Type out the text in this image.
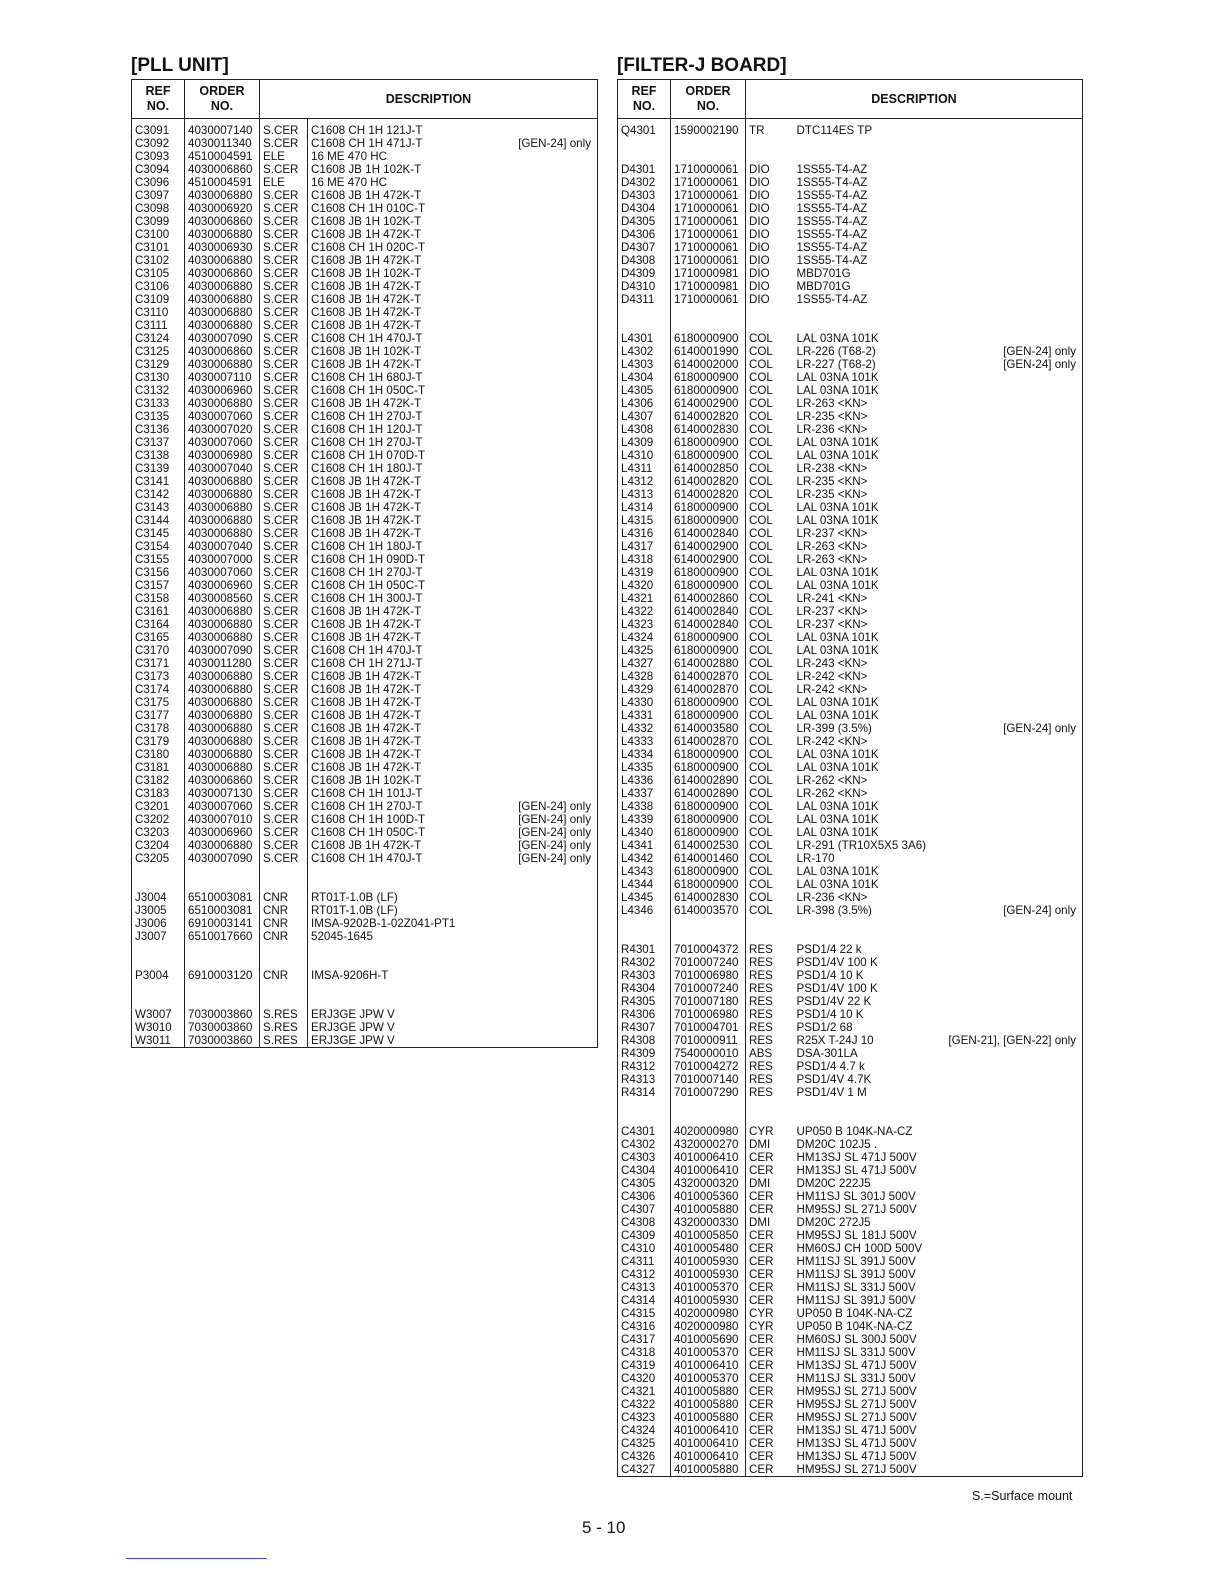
[PLL UNIT]
REF
NO.	ORDER
NO.	DESCRIPTION		
C3091	4030007140	S.CER	C1608 CH 1H 121J-T	
C3092	4030011340	S.CER	C1608 CH 1H 471J-T	[GEN-24] only
C3093	4510004591	ELE	16 ME 470 HC	
C3094	4030006860	S.CER	C1608 JB 1H 102K-T	
C3096	4510004591	ELE	16 ME 470 HC	
C3097	4030006880	S.CER	C1608 JB 1H 472K-T	
C3098	4030006920	S.CER	C1608 CH 1H 010C-T	
C3099	4030006860	S.CER	C1608 JB 1H 102K-T	
C3100	4030006880	S.CER	C1608 JB 1H 472K-T	
C3101	4030006930	S.CER	C1608 CH 1H 020C-T	
C3102	4030006880	S.CER	C1608 JB 1H 472K-T	
C3105	4030006860	S.CER	C1608 JB 1H 102K-T	
C3106	4030006880	S.CER	C1608 JB 1H 472K-T	
C3109	4030006880	S.CER	C1608 JB 1H 472K-T	
C3110	4030006880	S.CER	C1608 JB 1H 472K-T	
C3111	4030006880	S.CER	C1608 JB 1H 472K-T	
C3124	4030007090	S.CER	C1608 CH 1H 470J-T	
C3125	4030006860	S.CER	C1608 JB 1H 102K-T	
C3129	4030006880	S.CER	C1608 JB 1H 472K-T	
C3130	4030007110	S.CER	C1608 CH 1H 680J-T	
C3132	4030006960	S.CER	C1608 CH 1H 050C-T	
C3133	4030006880	S.CER	C1608 JB 1H 472K-T	
C3135	4030007060	S.CER	C1608 CH 1H 270J-T	
C3136	4030007020	S.CER	C1608 CH 1H 120J-T	
C3137	4030007060	S.CER	C1608 CH 1H 270J-T	
C3138	4030006980	S.CER	C1608 CH 1H 070D-T	
C3139	4030007040	S.CER	C1608 CH 1H 180J-T	
C3141	4030006880	S.CER	C1608 JB 1H 472K-T	
C3142	4030006880	S.CER	C1608 JB 1H 472K-T	
C3143	4030006880	S.CER	C1608 JB 1H 472K-T	
C3144	4030006880	S.CER	C1608 JB 1H 472K-T	
C3145	4030006880	S.CER	C1608 JB 1H 472K-T	
C3154	4030007040	S.CER	C1608 CH 1H 180J-T	
C3155	4030007000	S.CER	C1608 CH 1H 090D-T	
C3156	4030007060	S.CER	C1608 CH 1H 270J-T	
C3157	4030006960	S.CER	C1608 CH 1H 050C-T	
C3158	4030008560	S.CER	C1608 CH 1H 300J-T	
C3161	4030006880	S.CER	C1608 JB 1H 472K-T	
C3164	4030006880	S.CER	C1608 JB 1H 472K-T	
C3165	4030006880	S.CER	C1608 JB 1H 472K-T	
C3170	4030007090	S.CER	C1608 CH 1H 470J-T	
C3171	4030011280	S.CER	C1608 CH 1H 271J-T	
C3173	4030006880	S.CER	C1608 JB 1H 472K-T	
C3174	4030006880	S.CER	C1608 JB 1H 472K-T	
C3175	4030006880	S.CER	C1608 JB 1H 472K-T	
C3177	4030006880	S.CER	C1608 JB 1H 472K-T	
C3178	4030006880	S.CER	C1608 JB 1H 472K-T	
C3179	4030006880	S.CER	C1608 JB 1H 472K-T	
C3180	4030006880	S.CER	C1608 JB 1H 472K-T	
C3181	4030006880	S.CER	C1608 JB 1H 472K-T	
C3182	4030006860	S.CER	C1608 JB 1H 102K-T	
C3183	4030007130	S.CER	C1608 CH 1H 101J-T	
C3201	4030007060	S.CER	C1608 CH 1H 270J-T	[GEN-24] only
C3202	4030007010	S.CER	C1608 CH 1H 100D-T	[GEN-24] only
C3203	4030006960	S.CER	C1608 CH 1H 050C-T	[GEN-24] only
C3204	4030006880	S.CER	C1608 JB 1H 472K-T	[GEN-24] only
C3205	4030007090	S.CER	C1608 CH 1H 470J-T	[GEN-24] only

J3004	6510003081	CNR	RT01T-1.0B (LF)	
J3005	6510003081	CNR	RT01T-1.0B (LF)	
J3006	6910003141	CNR	IMSA-9202B-1-02Z041-PT1	
J3007	6510017660	CNR	52045-1645	

P3004	6910003120	CNR	IMSA-9206H-T	

W3007	7030003860	S.RES	ERJ3GE JPW V	
W3010	7030003860	S.RES	ERJ3GE JPW V	
W3011	7030003860	S.RES	ERJ3GE JPW V	
[FILTER-J BOARD]
REF
NO.	ORDER
NO.	DESCRIPTION		
Q4301	1590002190	TR	DTC114ES TP	

D4301	1710000061	DIO	1SS55-T4-AZ	
D4302	1710000061	DIO	1SS55-T4-AZ	
D4303	1710000061	DIO	1SS55-T4-AZ	
D4304	1710000061	DIO	1SS55-T4-AZ	
D4305	1710000061	DIO	1SS55-T4-AZ	
D4306	1710000061	DIO	1SS55-T4-AZ	
D4307	1710000061	DIO	1SS55-T4-AZ	
D4308	1710000061	DIO	1SS55-T4-AZ	
D4309	1710000981	DIO	MBD701G	
D4310	1710000981	DIO	MBD701G	
D4311	1710000061	DIO	1SS55-T4-AZ	

L4301	6180000900	COL	LAL 03NA 101K	
L4302	6140001990	COL	LR-226 (T68-2)	[GEN-24] only
L4303	6140002000	COL	LR-227 (T68-2)	[GEN-24] only
L4304	6180000900	COL	LAL 03NA 101K	
L4305	6180000900	COL	LAL 03NA 101K	
L4306	6140002900	COL	LR-263 <KN>	
L4307	6140002820	COL	LR-235 <KN>	
L4308	6140002830	COL	LR-236 <KN>	
L4309	6180000900	COL	LAL 03NA 101K	
L4310	6180000900	COL	LAL 03NA 101K	
L4311	6140002850	COL	LR-238 <KN>	
L4312	6140002820	COL	LR-235 <KN>	
L4313	6140002820	COL	LR-235 <KN>	
L4314	6180000900	COL	LAL 03NA 101K	
L4315	6180000900	COL	LAL 03NA 101K	
L4316	6140002840	COL	LR-237 <KN>	
L4317	6140002900	COL	LR-263 <KN>	
L4318	6140002900	COL	LR-263 <KN>	
L4319	6180000900	COL	LAL 03NA 101K	
L4320	6180000900	COL	LAL 03NA 101K	
L4321	6140002860	COL	LR-241 <KN>	
L4322	6140002840	COL	LR-237 <KN>	
L4323	6140002840	COL	LR-237 <KN>	
L4324	6180000900	COL	LAL 03NA 101K	
L4325	6180000900	COL	LAL 03NA 101K	
L4327	6140002880	COL	LR-243 <KN>	
L4328	6140002870	COL	LR-242 <KN>	
L4329	6140002870	COL	LR-242 <KN>	
L4330	6180000900	COL	LAL 03NA 101K	
L4331	6180000900	COL	LAL 03NA 101K	
L4332	6140003580	COL	LR-399 (3.5%)	[GEN-24] only
L4333	6140002870	COL	LR-242 <KN>	
L4334	6180000900	COL	LAL 03NA 101K	
L4335	6180000900	COL	LAL 03NA 101K	
L4336	6140002890	COL	LR-262 <KN>	
L4337	6140002890	COL	LR-262 <KN>	
L4338	6180000900	COL	LAL 03NA 101K	
L4339	6180000900	COL	LAL 03NA 101K	
L4340	6180000900	COL	LAL 03NA 101K	
L4341	6140002530	COL	LR-291 (TR10X5X5 3A6)	
L4342	6140001460	COL	LR-170	
L4343	6180000900	COL	LAL 03NA 101K	
L4344	6180000900	COL	LAL 03NA 101K	
L4345	6140002830	COL	LR-236 <KN>	
L4346	6140003570	COL	LR-398 (3.5%)	[GEN-24] only

R4301	7010004372	RES	PSD1/4 22 k	
R4302	7010007240	RES	PSD1/4V 100 K	
R4303	7010006980	RES	PSD1/4 10 K	
R4304	7010007240	RES	PSD1/4V 100 K	
R4305	7010007180	RES	PSD1/4V 22 K	
R4306	7010006980	RES	PSD1/4 10 K	
R4307	7010004701	RES	PSD1/2 68	
R4308	7010000911	RES	R25X T-24J 10	[GEN-21], [GEN-22] only
R4309	7540000010	ABS	DSA-301LA	
R4312	7010004272	RES	PSD1/4 4.7 k	
R4313	7010007140	RES	PSD1/4V 4.7K	
R4314	7010007290	RES	PSD1/4V 1 M	

C4301	4020000980	CYR	UP050 B 104K-NA-CZ	
C4302	4320000270	DMI	DM20C 102J5 .	
C4303	4010006410	CER	HM13SJ SL 471J 500V	
C4304	4010006410	CER	HM13SJ SL 471J 500V	
C4305	4320000320	DMI	DM20C 222J5	
C4306	4010005360	CER	HM11SJ SL 301J 500V	
C4307	4010005880	CER	HM95SJ SL 271J 500V	
C4308	4320000330	DMI	DM20C 272J5	
C4309	4010005850	CER	HM95SJ SL 181J 500V	
C4310	4010005480	CER	HM60SJ CH 100D 500V	
C4311	4010005930	CER	HM11SJ SL 391J 500V	
C4312	4010005930	CER	HM11SJ SL 391J 500V	
C4313	4010005370	CER	HM11SJ SL 331J 500V	
C4314	4010005930	CER	HM11SJ SL 391J 500V	
C4315	4020000980	CYR	UP050 B 104K-NA-CZ	
C4316	4020000980	CYR	UP050 B 104K-NA-CZ	
C4317	4010005690	CER	HM60SJ SL 300J 500V	
C4318	4010005370	CER	HM11SJ SL 331J 500V	
C4319	4010006410	CER	HM13SJ SL 471J 500V	
C4320	4010005370	CER	HM11SJ SL 331J 500V	
C4321	4010005880	CER	HM95SJ SL 271J 500V	
C4322	4010005880	CER	HM95SJ SL 271J 500V	
C4323	4010005880	CER	HM95SJ SL 271J 500V	
C4324	4010006410	CER	HM13SJ SL 471J 500V	
C4325	4010006410	CER	HM13SJ SL 471J 500V	
C4326	4010006410	CER	HM13SJ SL 471J 500V	
C4327	4010005880	CER	HM95SJ SL 271J 500V	
S.=Surface mount
5 - 10
